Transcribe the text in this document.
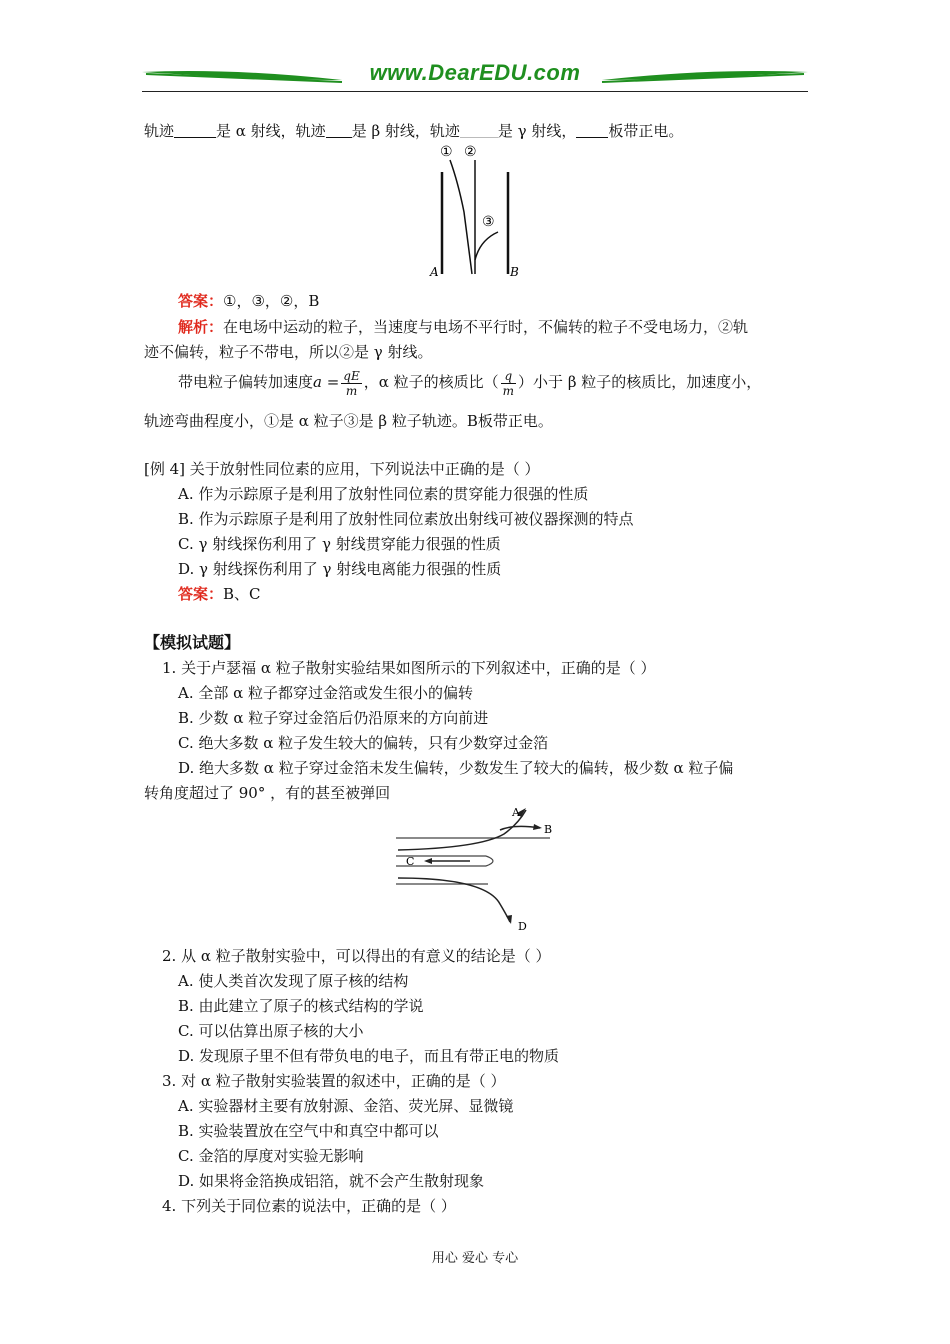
www.DearEDU.com
轨迹	是 α 射线，轨迹 是 β 射线，轨迹	是 γ 射线， 板带正电。
① ②
③
A	B
答案：①，③，②，B
解析：在电场中运动的粒子，当速度与电场不平行时，不偏转的粒子不受电场力，②轨
迹不偏转，粒子不带电，所以②是 γ 射线。
带电粒子偏转加速度$a = \frac{qE}{m}$ ，α 粒子的核质比（ $\frac{q}{m}$ ）小于 β 粒子的核质比，加速度小，
轨迹弯曲程度小，①是 α 粒子③是 β 粒子轨迹。B板带正电。
[例 4] 关于放射性同位素的应用，下列说法中正确的是（ ）
A. 作为示踪原子是利用了放射性同位素的贯穿能力很强的性质
B. 作为示踪原子是利用了放射性同位素放出射线可被仪器探测的特点
C. γ 射线探伤利用了 γ 射线贯穿能力很强的性质
D. γ 射线探伤利用了 γ 射线电离能力很强的性质
答案：B、C
【模拟试题】
1. 关于卢瑟福 α 粒子散射实验结果如图所示的下列叙述中，正确的是（ ）
A. 全部 α 粒子都穿过金箔或发生很小的偏转
B. 少数 α 粒子穿过金箔后仍沿原来的方向前进
C. 绝大多数 α 粒子发生较大的偏转，只有少数穿过金箔
D. 绝大多数 α 粒子穿过金箔未发生偏转，少数发生了较大的偏转，极少数 α 粒子偏
转角度超过了 90° ，有的甚至被弹回
A
B
C
D
2. 从 α 粒子散射实验中，可以得出的有意义的结论是（ ）
A. 使人类首次发现了原子核的结构
B. 由此建立了原子的核式结构的学说
C. 可以估算出原子核的大小
D. 发现原子里不但有带负电的电子，而且有带正电的物质
3. 对 α 粒子散射实验装置的叙述中，正确的是（ ）
A. 实验器材主要有放射源、金箔、荧光屏、显微镜
B. 实验装置放在空气中和真空中都可以
C. 金箔的厚度对实验无影响
D. 如果将金箔换成铝箔，就不会产生散射现象
4. 下列关于同位素的说法中，正确的是（ ）
用心 爱心 专心
